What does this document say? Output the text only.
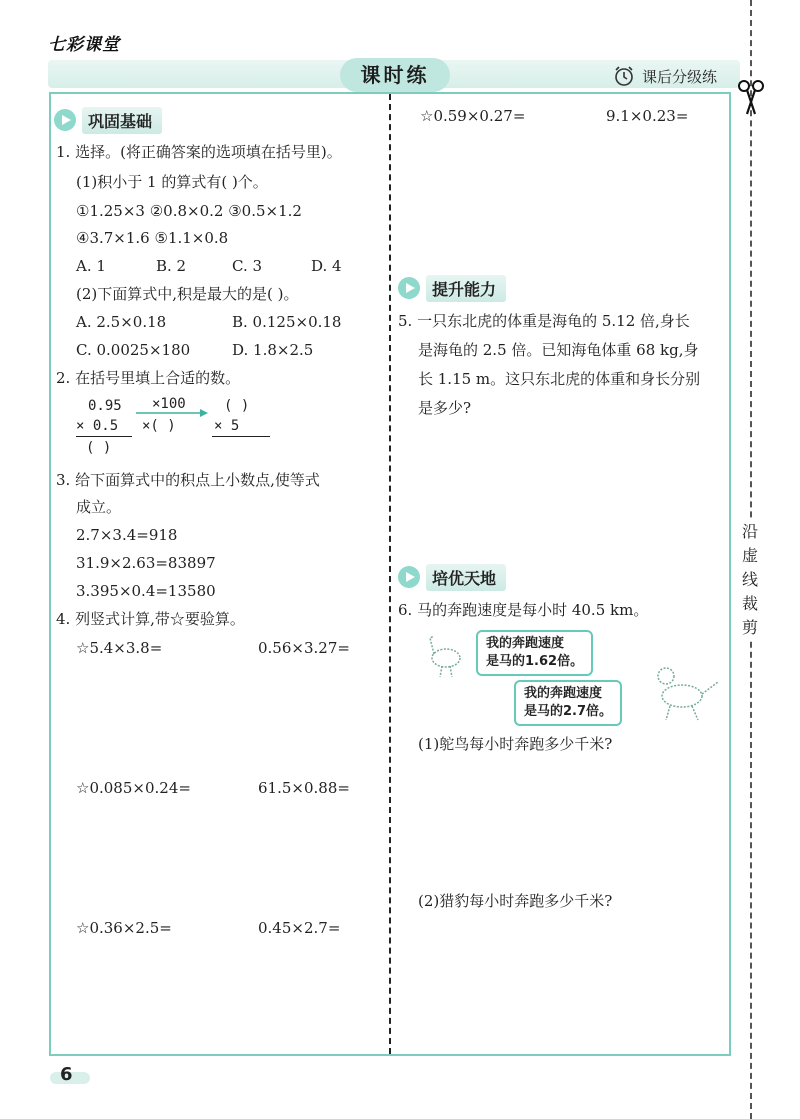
七彩课堂
课时练	课后分级练
沿
虚
线
裁
剪
巩固基础
1. 选择。(将正确答案的选项填在括号里)。
(1)积小于 1 的算式有( )个。
①1.25×3 ②0.8×0.2 ③0.5×1.2
④3.7×1.6 ⑤1.1×0.8
A. 1	B. 2	C. 3	D. 4
(2)下面算式中,积是最大的是( )。
A. 2.5×0.18	B. 0.125×0.18
C. 0.0025×180	D. 1.8×2.5
2. 在括号里填上合适的数。
0.95
× 0.5
( )
×100
×( )
( )
× 5
3. 给下面算式中的积点上小数点,使等式
成立。
2.7×3.4=918
31.9×2.63=83897
3.395×0.4=13580
4. 列竖式计算,带☆要验算。
☆5.4×3.8=	0.56×3.27=
☆0.085×0.24=	61.5×0.88=
☆0.36×2.5=	0.45×2.7=
☆0.59×0.27=	9.1×0.23=
提升能力
5. 一只东北虎的体重是海龟的 5.12 倍,身长
是海龟的 2.5 倍。已知海龟体重 68 kg,身
长 1.15 m。这只东北虎的体重和身长分别
是多少?
培优天地
6. 马的奔跑速度是每小时 40.5 km。
我的奔跑速度
是马的1.62倍。
我的奔跑速度
是马的2.7倍。
(1)鸵鸟每小时奔跑多少千米?
(2)猎豹每小时奔跑多少千米?
6
